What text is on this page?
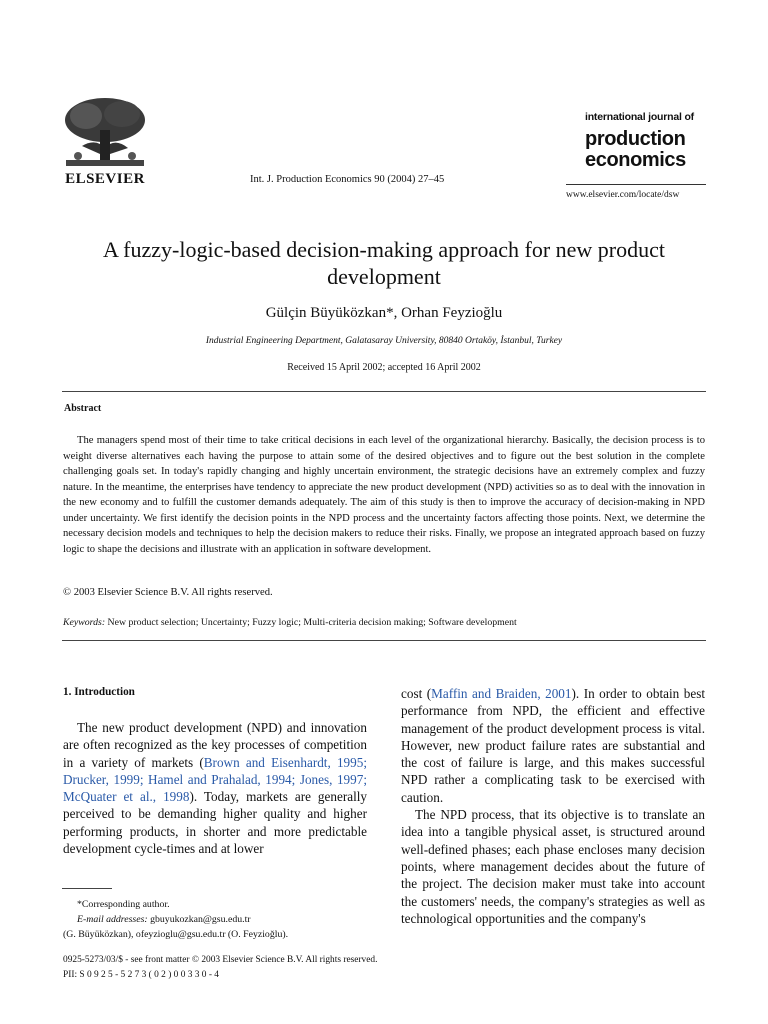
ELSEVIER	Int. J. Production Economics 90 (2004) 27–45
international journal of
production
economics
www.elsevier.com/locate/dsw
A fuzzy-logic-based decision-making approach for new product development
Gülçin Büyüközkan*, Orhan Feyzioğlu
Industrial Engineering Department, Galatasaray University, 80840 Ortaköy, İstanbul, Turkey
Received 15 April 2002; accepted 16 April 2002
Abstract
The managers spend most of their time to take critical decisions in each level of the organizational hierarchy. Basically, the decision process is to weight diverse alternatives each having the purpose to attain some of the desired objectives and to figure out the best solution in the complete challenging goals set. In today's rapidly changing and highly uncertain environment, the strategic decisions have an extremely complex and fuzzy nature. In the meantime, the enterprises have tendency to appreciate the new product development (NPD) activities so as to deal with the innovation in the new economy and to fulfill the customer demands adequately. The aim of this study is then to improve the accuracy of decision-making in NPD under uncertainty. We first identify the decision points in the NPD process and the uncertainty factors affecting those points. Next, we determine the necessary decision models and techniques to help the decision makers to reduce their risks. Finally, we propose an integrated approach based on fuzzy logic to shape the decisions and illustrate with an application in software development.
© 2003 Elsevier Science B.V. All rights reserved.
Keywords: New product selection; Uncertainty; Fuzzy logic; Multi-criteria decision making; Software development
1. Introduction
The new product development (NPD) and innovation are often recognized as the key processes of competition in a variety of markets (Brown and Eisenhardt, 1995; Drucker, 1999; Hamel and Prahalad, 1994; Jones, 1997; McQuater et al., 1998). Today, markets are generally perceived to be demanding higher quality and higher performing products, in shorter and more predictable development cycle-times and at lower

cost (Maffin and Braiden, 2001). In order to obtain best performance from NPD, the efficient and effective management of the product development process is vital. However, new product failure rates are substantial and the cost of failure is large, and this makes successful NPD rather a complicating task to be exercised with caution.

The NPD process, that its objective is to translate an idea into a tangible physical asset, is structured around well-defined phases; each phase encloses many decision points, where management decides about the future of the project. The decision maker must take into account the customers' needs, the company's strategies as well as technological opportunities and the company's

*Corresponding author.
E-mail addresses: gbuyukozkan@gsu.edu.tr
(G. Büyüközkan), ofeyzioglu@gsu.edu.tr (O. Feyzioğlu).
0925-5273/03/$ - see front matter © 2003 Elsevier Science B.V. All rights reserved.
PII: S 0 9 2 5 - 5 2 7 3 ( 0 2 ) 0 0 3 3 0 - 4
